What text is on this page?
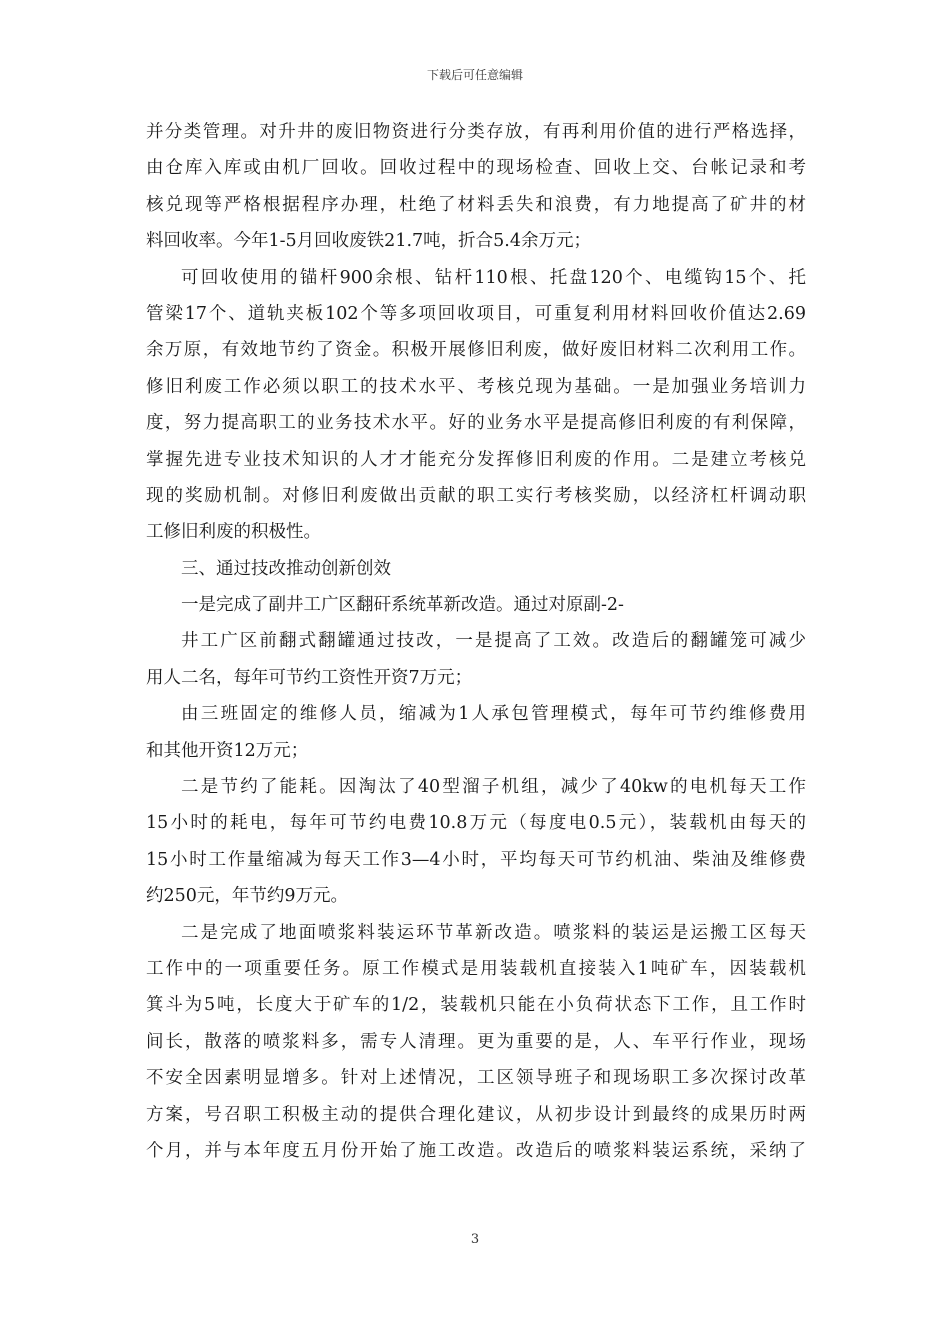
下载后可任意编辑
并分类管理。对升井的废旧物资进行分类存放，有再利用价值的进行严格选择，
由仓库入库或由机厂回收。回收过程中的现场检查、回收上交、台帐记录和考
核兑现等严格根据程序办理，杜绝了材料丢失和浪费，有力地提高了矿井的材
料回收率。今年1-5月回收废铁21.7吨，折合5.4余万元；
可回收使用的锚杆900余根、钻杆110根、托盘120个、电缆钩15个、托
管梁17个、道轨夹板102个等多项回收项目，可重复利用材料回收价值达2.69
余万原，有效地节约了资金。积极开展修旧利废，做好废旧材料二次利用工作。
修旧利废工作必须以职工的技术水平、考核兑现为基础。一是加强业务培训力
度，努力提高职工的业务技术水平。好的业务水平是提高修旧利废的有利保障，
掌握先进专业技术知识的人才才能充分发挥修旧利废的作用。二是建立考核兑
现的奖励机制。对修旧利废做出贡献的职工实行考核奖励，以经济杠杆调动职
工修旧利废的积极性。
三、通过技改推动创新创效
一是完成了副井工广区翻矸系统革新改造。通过对原副-2-
井工广区前翻式翻罐通过技改，一是提高了工效。改造后的翻罐笼可减少
用人二名，每年可节约工资性开资7万元；
由三班固定的维修人员，缩减为1人承包管理模式，每年可节约维修费用
和其他开资12万元；
二是节约了能耗。因淘汰了40型溜子机组，减少了40kw的电机每天工作
15小时的耗电，每年可节约电费10.8万元（每度电0.5元），装载机由每天的
15小时工作量缩减为每天工作3—4小时，平均每天可节约机油、柴油及维修费
约250元，年节约9万元。
二是完成了地面喷浆料装运环节革新改造。喷浆料的装运是运搬工区每天
工作中的一项重要任务。原工作模式是用装载机直接装入1吨矿车，因装载机
箕斗为5吨，长度大于矿车的1/2，装载机只能在小负荷状态下工作，且工作时
间长，散落的喷浆料多，需专人清理。更为重要的是，人、车平行作业，现场
不安全因素明显增多。针对上述情况，工区领导班子和现场职工多次探讨改革
方案，号召职工积极主动的提供合理化建议，从初步设计到最终的成果历时两
个月，并与本年度五月份开始了施工改造。改造后的喷浆料装运系统，采纳了
3
